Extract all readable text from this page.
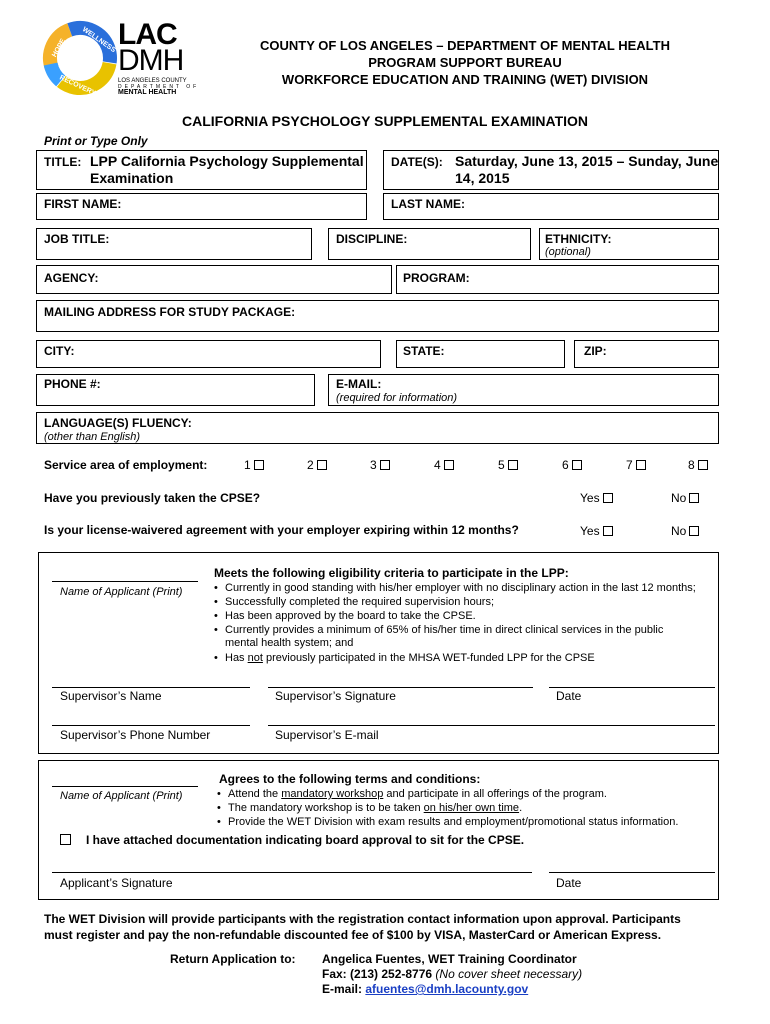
HOPE WELLNESS
RECOVERY
LAC
DMH
LOS ANGELES COUNTY
DEPARTMENT OF
MENTAL HEALTH
COUNTY OF LOS ANGELES – DEPARTMENT OF MENTAL HEALTH
PROGRAM SUPPORT BUREAU
WORKFORCE EDUCATION AND TRAINING (WET) DIVISION
CALIFORNIA PSYCHOLOGY SUPPLEMENTAL EXAMINATION
Print or Type Only
TITLE: LPP California Psychology Supplemental
Examination
DATE(S): Saturday, June 13, 2015 – Sunday, June
14, 2015
FIRST NAME:	LAST NAME:
JOB TITLE:	DISCIPLINE:	ETHNICITY:
(optional)
AGENCY:	PROGRAM:
MAILING ADDRESS FOR STUDY PACKAGE:
CITY:	STATE:	ZIP:
PHONE #:	E-MAIL:
(required for information)
LANGUAGE(S) FLUENCY:
(other than English)
Service area of employment:	1	2	3	4	5	6	7	8
Have you previously taken the CPSE?	Yes	No
Is your license-waivered agreement with your employer expiring within 12 months?	Yes	No
Meets the following eligibility criteria to participate in the LPP:
Name of Applicant (Print)	• Currently in good standing with his/her employer with no disciplinary action in the last 12 months;
• Successfully completed the required supervision hours;
• Has been approved by the board to take the CPSE.
• Currently provides a minimum of 65% of his/her time in direct clinical services in the public
mental health system; and
• Has not previously participated in the MHSA WET-funded LPP for the CPSE
Supervisor’s Name	Supervisor’s Signature	Date
Supervisor’s Phone Number	Supervisor’s E-mail
Agrees to the following terms and conditions:
Name of Applicant (Print)	• Attend the mandatory workshop and participate in all offerings of the program.
• The mandatory workshop is to be taken on his/her own time.
• Provide the WET Division with exam results and employment/promotional status information.
I have attached documentation indicating board approval to sit for the CPSE.
Applicant’s Signature	Date
The WET Division will provide participants with the registration contact information upon approval. Participants
must register and pay the non-refundable discounted fee of $100 by VISA, MasterCard or American Express.
Return Application to: Angelica Fuentes, WET Training Coordinator
Fax: (213) 252-8776 (No cover sheet necessary)
E-mail: afuentes@dmh.lacounty.gov
